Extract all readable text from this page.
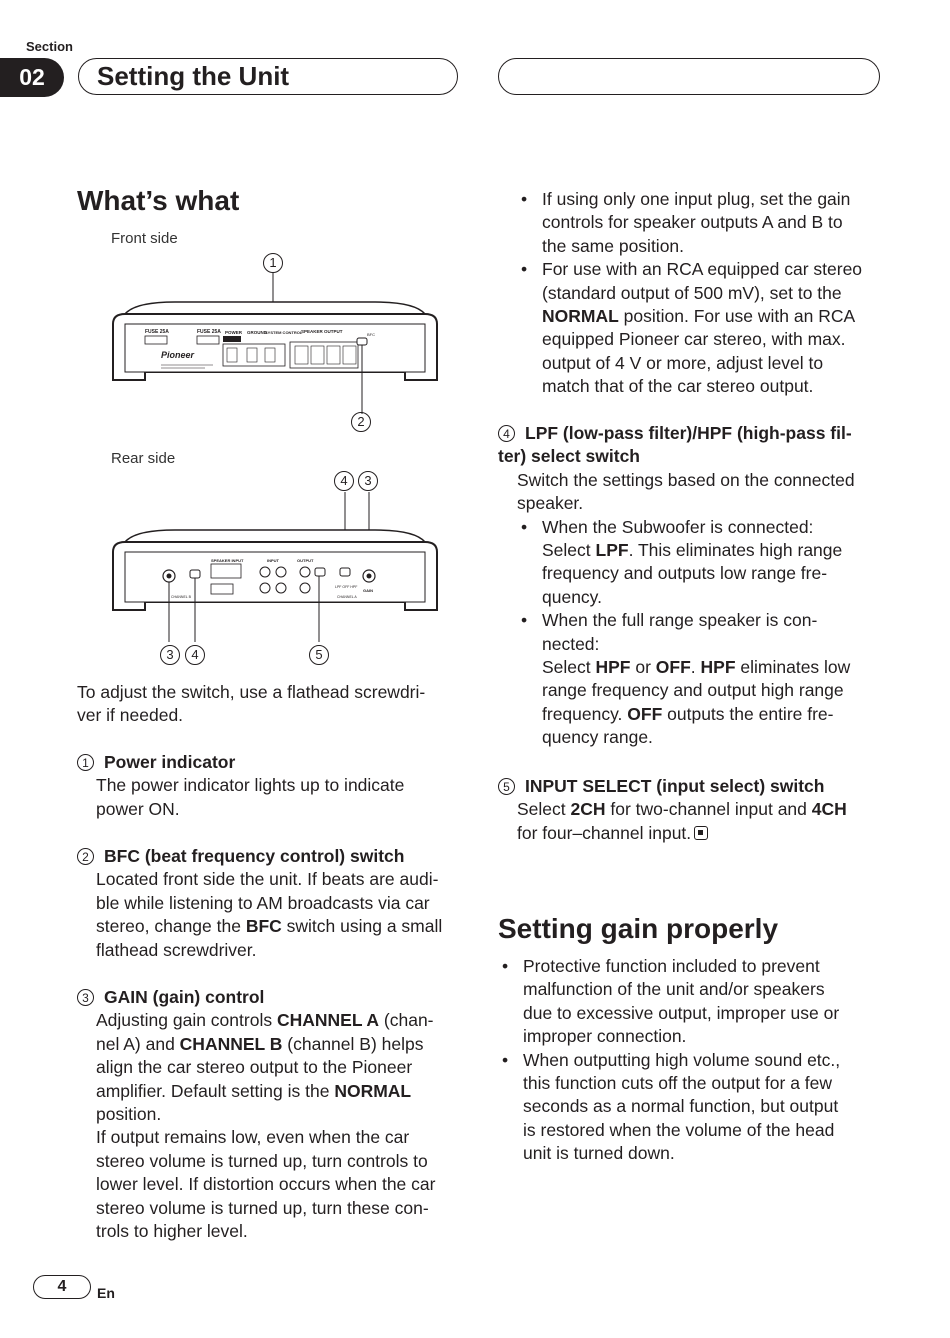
Section
02	Setting the Unit
What’s what
Front side
1
FUSE 25A	FUSE 25A POWER GROUND
SYSTEM CONTROL
SPEAKER OUTPUT
BFC
Pioneer
2
Rear side
4	3
SPEAKER INPUT	INPUT	OUTPUT
LPF OFF HPF
GAIN
CHANNEL B	CHANNEL A
3	4	5
To adjust the switch, use a flathead screwdri-
ver if needed.
1 Power indicator
The power indicator lights up to indicate
power ON.
2 BFC (beat frequency control) switch
Located front side the unit. If beats are audi-
ble while listening to AM broadcasts via car
stereo, change the BFC switch using a small
flathead screwdriver.
3 GAIN (gain) control
Adjusting gain controls CHANNEL A (chan-
nel A) and CHANNEL B (channel B) helps
align the car stereo output to the Pioneer
amplifier. Default setting is the NORMAL
position.
If output remains low, even when the car
stereo volume is turned up, turn controls to
lower level. If distortion occurs when the car
stereo volume is turned up, turn these con-
trols to higher level.
• If using only one input plug, set the gain
controls for speaker outputs A and B to
the same position.
• For use with an RCA equipped car stereo
(standard output of 500 mV), set to the
NORMAL position. For use with an RCA
equipped Pioneer car stereo, with max.
output of 4 V or more, adjust level to
match that of the car stereo output.
4 LPF (low-pass filter)/HPF (high-pass fil-
ter) select switch
Switch the settings based on the connected
speaker.
• When the Subwoofer is connected:
Select LPF. This eliminates high range
frequency and outputs low range fre-
quency.
• When the full range speaker is con-
nected:
Select HPF or OFF. HPF eliminates low
range frequency and output high range
frequency. OFF outputs the entire fre-
quency range.
5 INPUT SELECT (input select) switch
Select 2CH for two-channel input and 4CH
for four–channel input.
Setting gain properly
• Protective function included to prevent
malfunction of the unit and/or speakers
due to excessive output, improper use or
improper connection.
• When outputting high volume sound etc.,
this function cuts off the output for a few
seconds as a normal function, but output
is restored when the volume of the head
unit is turned down.
4	En
